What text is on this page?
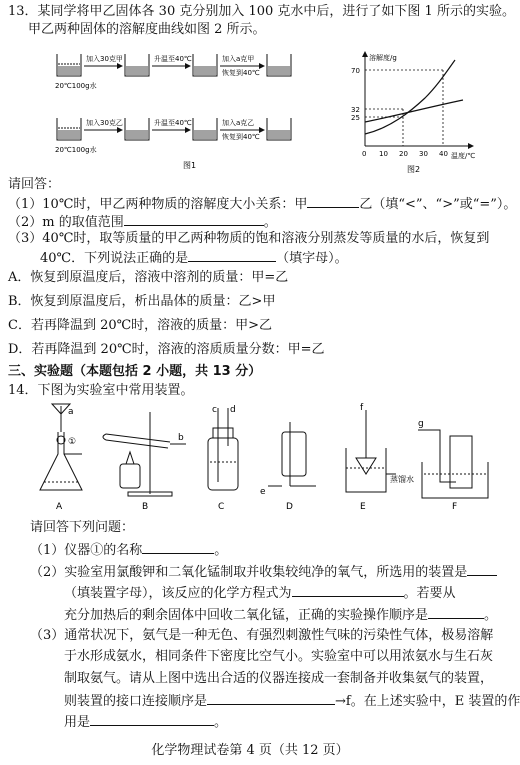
13．某同学将甲乙固体各 30 克分别加入 100 克水中后，进行了如下图 1 所示的实验。
甲乙两种固体的溶解度曲线如图 2 所示。
加入30克甲	升温至40℃	加入a克甲
恢复到40℃
20℃100g水
加入30克乙	升温至40℃	加入a克乙
恢复到40℃
20℃100g水
图1
溶解度/g
温度/℃
70
32
25
0 10 20 30 40
图2
请回答：
（1）10℃时，甲乙两种物质的溶解度大小关系：甲	乙（填“<”、“>”或“=”）。
（2）m 的取值范围	。
（3）40℃时，取等质量的甲乙两种物质的饱和溶液分别蒸发等质量的水后，恢复到
40℃．下列说法正确的是	（填字母）。
A．恢复到原温度后，溶液中溶剂的质量：甲=乙
B．恢复到原温度后，析出晶体的质量：乙>甲
C．若再降温到 20℃时，溶液的质量：甲>乙
D．若再降温到 20℃时，溶液的溶质质量分数：甲=乙
三、实验题（本题包括 2 小题，共 13 分）
14．下图为实验室中常用装置。
①
a
b
c d
e
f
g
蒸馏水
A	B	C	D	E	F
请回答下列问题：
（1）仪器①的名称	。
（2）实验室用氯酸钾和二氧化锰制取并收集较纯净的氧气，所选用的装置是
（填装置字母），该反应的化学方程式为	。若要从
充分加热后的剩余固体中回收二氧化锰，正确的实验操作顺序是	。
（3）通常状况下，氨气是一种无色、有强烈刺激性气味的污染性气体，极易溶解
于水形成氨水，相同条件下密度比空气小。实验室中可以用浓氨水与生石灰
制取氨气。请从上图中选出合适的仪器连接成一套制备并收集氨气的装置，
则装置的接口连接顺序是	→f。在上述实验中，E 装置的作
用是	。
化学物理试卷第 4 页（共 12 页）
